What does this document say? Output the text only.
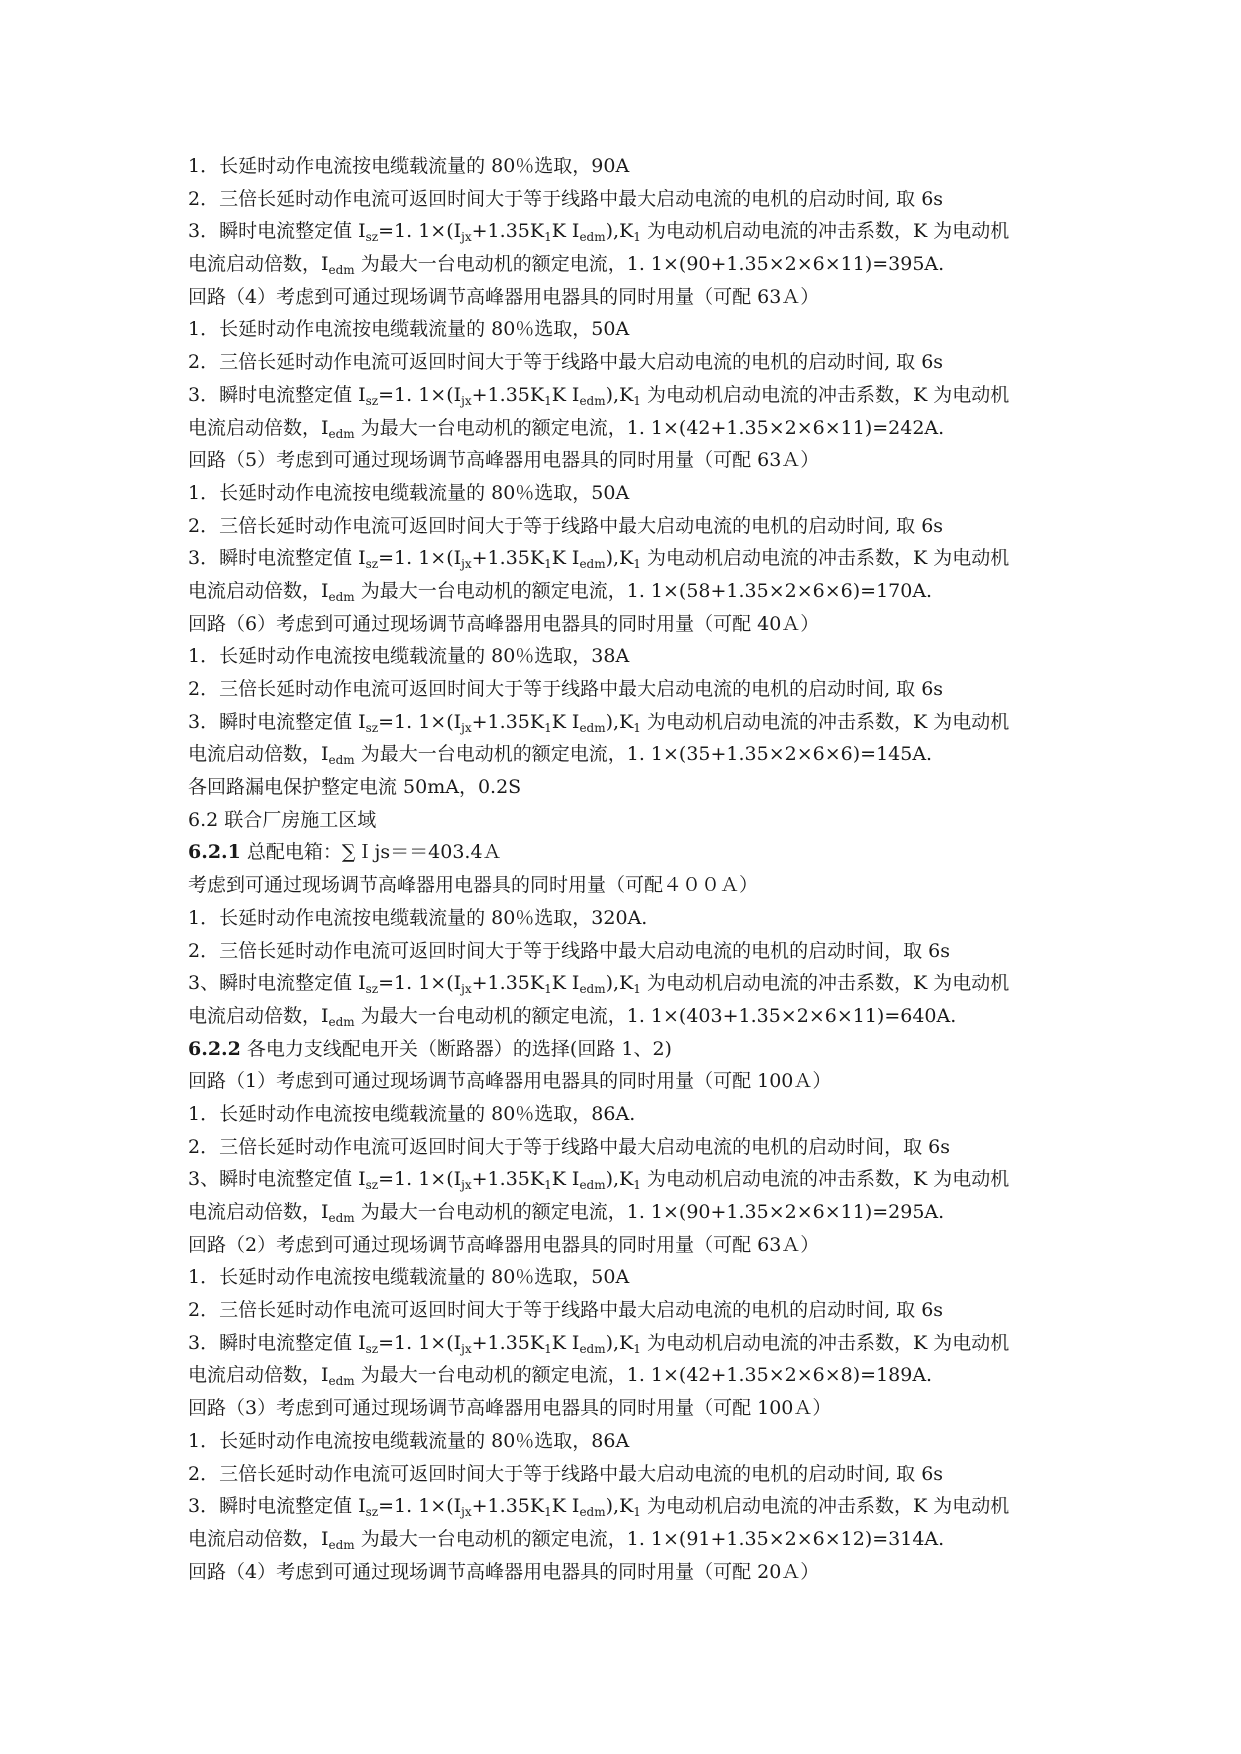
1．长延时动作电流按电缆载流量的 80％选取，90A
2．三倍长延时动作电流可返回时间大于等于线路中最大启动电流的电机的启动时间, 取 6s
3．瞬时电流整定值 $I_{sz}=1$. $1\times(I_{jx}+1.35K_1K$ $I_{edm}),K_1$ 为电动机启动电流的冲击系数，K 为电动机
电流启动倍数，$I_{edm}$ 为最大一台电动机的额定电流，1. 1×(90+1.35×2×6×11)=395A.
回路（4）考虑到可通过现场调节高峰器用电器具的同时用量（可配 63Ａ）
1．长延时动作电流按电缆载流量的 80％选取，50A
2．三倍长延时动作电流可返回时间大于等于线路中最大启动电流的电机的启动时间, 取 6s
3．瞬时电流整定值 $I_{sz}=1$. $1\times(I_{jx}+1.35K_1K$ $I_{edm}),K_1$ 为电动机启动电流的冲击系数，K 为电动机
电流启动倍数，$I_{edm}$ 为最大一台电动机的额定电流，1. 1×(42+1.35×2×6×11)=242A.
回路（5）考虑到可通过现场调节高峰器用电器具的同时用量（可配 63Ａ）
1．长延时动作电流按电缆载流量的 80％选取，50A
2．三倍长延时动作电流可返回时间大于等于线路中最大启动电流的电机的启动时间, 取 6s
3．瞬时电流整定值 $I_{sz}=1$. $1\times(I_{jx}+1.35K_1K$ $I_{edm}),K_1$ 为电动机启动电流的冲击系数，K 为电动机
电流启动倍数，$I_{edm}$ 为最大一台电动机的额定电流，1. 1×(58+1.35×2×6×6)=170A.
回路（6）考虑到可通过现场调节高峰器用电器具的同时用量（可配 40Ａ）
1．长延时动作电流按电缆载流量的 80％选取，38A
2．三倍长延时动作电流可返回时间大于等于线路中最大启动电流的电机的启动时间, 取 6s
3．瞬时电流整定值 $I_{sz}=1$. $1\times(I_{jx}+1.35K_1K$ $I_{edm}),K_1$ 为电动机启动电流的冲击系数，K 为电动机
电流启动倍数，$I_{edm}$ 为最大一台电动机的额定电流，1. 1×(35+1.35×2×6×6)=145A.
各回路漏电保护整定电流 50mA，0.2S
6.2 联合厂房施工区域
6.2.1 总配电箱：∑Ｉjs＝＝403.4Ａ
考虑到可通过现场调节高峰器用电器具的同时用量（可配４００Ａ）
1．长延时动作电流按电缆载流量的 80％选取，320A.
2．三倍长延时动作电流可返回时间大于等于线路中最大启动电流的电机的启动时间，取 6s
3、瞬时电流整定值 $I_{sz}=1$. $1\times(I_{jx}+1.35K_1K$ $I_{edm}),K_1$ 为电动机启动电流的冲击系数，K 为电动机
电流启动倍数，$I_{edm}$ 为最大一台电动机的额定电流，1. 1×(403+1.35×2×6×11)=640A.
6.2.2 各电力支线配电开关（断路器）的选择(回路 1、2)
回路（1）考虑到可通过现场调节高峰器用电器具的同时用量（可配 100Ａ）
1．长延时动作电流按电缆载流量的 80％选取，86A.
2．三倍长延时动作电流可返回时间大于等于线路中最大启动电流的电机的启动时间，取 6s
3、瞬时电流整定值 $I_{sz}=1$. $1\times(I_{jx}+1.35K_1K$ $I_{edm}),K_1$ 为电动机启动电流的冲击系数，K 为电动机
电流启动倍数，$I_{edm}$ 为最大一台电动机的额定电流，1. 1×(90+1.35×2×6×11)=295A.
回路（2）考虑到可通过现场调节高峰器用电器具的同时用量（可配 63Ａ）
1．长延时动作电流按电缆载流量的 80％选取，50A
2．三倍长延时动作电流可返回时间大于等于线路中最大启动电流的电机的启动时间, 取 6s
3．瞬时电流整定值 $I_{sz}=1$. $1\times(I_{jx}+1.35K_1K$ $I_{edm}),K_1$ 为电动机启动电流的冲击系数，K 为电动机
电流启动倍数，$I_{edm}$ 为最大一台电动机的额定电流，1. 1×(42+1.35×2×6×8)=189A.
回路（3）考虑到可通过现场调节高峰器用电器具的同时用量（可配 100Ａ）
1．长延时动作电流按电缆载流量的 80％选取，86A
2．三倍长延时动作电流可返回时间大于等于线路中最大启动电流的电机的启动时间, 取 6s
3．瞬时电流整定值 $I_{sz}=1$. $1\times(I_{jx}+1.35K_1K$ $I_{edm}),K_1$ 为电动机启动电流的冲击系数，K 为电动机
电流启动倍数，$I_{edm}$ 为最大一台电动机的额定电流，1. 1×(91+1.35×2×6×12)=314A.
回路（4）考虑到可通过现场调节高峰器用电器具的同时用量（可配 20Ａ）
